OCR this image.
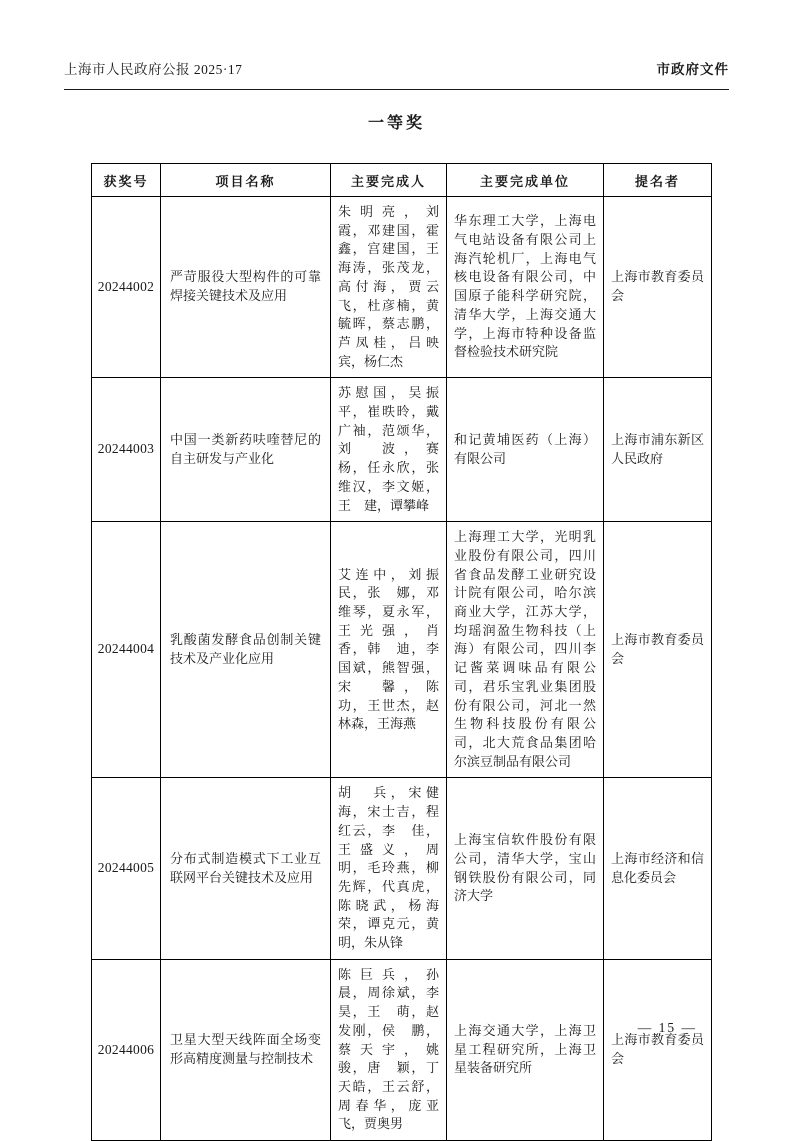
上海市人民政府公报 2025·17	市政府文件
一等奖
获奖号	项目名称	主要完成人	主要完成单位	提名者
20244002	严苛服役大型构件的可靠焊接关键技术及应用	朱明亮，刘　霞，邓建国，霍　鑫，宫建国，王海涛，张茂龙，高付海，贾云飞，杜彦楠，黄毓晖，蔡志鹏，芦凤桂，吕映宾，杨仁杰	华东理工大学，上海电气电站设备有限公司上海汽轮机厂，上海电气核电设备有限公司，中国原子能科学研究院，清华大学，上海交通大学，上海市特种设备监督检验技术研究院	上海市教育委员会
20244003	中国一类新药呋喹替尼的自主研发与产业化	苏慰国，吴振平，崔昳昤，戴广袖，范颂华，刘　波，赛　杨，任永欣，张维汉，李文姬，王　建，谭攀峰	和记黄埔医药（上海）有限公司	上海市浦东新区人民政府
20244004	乳酸菌发酵食品创制关键技术及产业化应用	艾连中，刘振民，张　娜，邓维琴，夏永军，王光强，肖　香，韩　迪，李国斌，熊智强，宋　馨，陈　功，王世杰，赵林森，王海燕	上海理工大学，光明乳业股份有限公司，四川省食品发酵工业研究设计院有限公司，哈尔滨商业大学，江苏大学，均瑶润盈生物科技（上海）有限公司，四川李记酱菜调味品有限公司，君乐宝乳业集团股份有限公司，河北一然生物科技股份有限公司，北大荒食品集团哈尔滨豆制品有限公司	上海市教育委员会
20244005	分布式制造模式下工业互联网平台关键技术及应用	胡　兵，宋健海，宋士吉，程红云，李　佳，王盛义，周　明，毛玲燕，柳先辉，代真虎，陈晓武，杨海荣，谭克元，黄　明，朱从锋	上海宝信软件股份有限公司，清华大学，宝山钢铁股份有限公司，同济大学	上海市经济和信息化委员会
20244006	卫星大型天线阵面全场变形高精度测量与控制技术	陈巨兵，孙　晨，周徐斌，李　昊，王　萌，赵发刚，侯　鹏，蔡天宇，姚　骏，唐　颖，丁天皓，王云舒，周春华，庞亚飞，贾奥男	上海交通大学，上海卫星工程研究所，上海卫星装备研究所	上海市教育委员会
— 15 —
